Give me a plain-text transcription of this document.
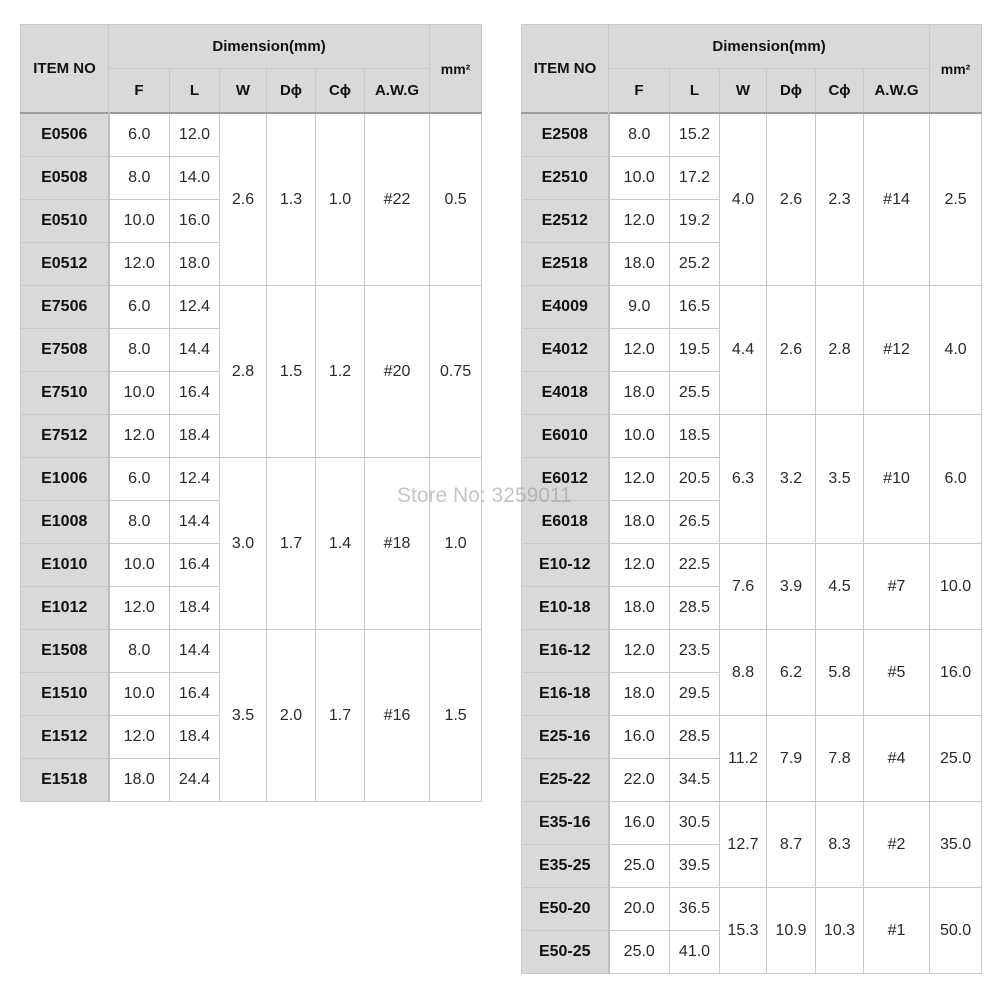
ITEM NO	Dimension(mm)						mm²
	F	L	W	Dϕ	Cϕ	A.W.G	
E0506	6.0	12.0	2.6	1.3	1.0	#22	0.5
E0508	8.0	14.0					
E0510	10.0	16.0					
E0512	12.0	18.0					
E7506	6.0	12.4	2.8	1.5	1.2	#20	0.75
E7508	8.0	14.4					
E7510	10.0	16.4					
E7512	12.0	18.4					
E1006	6.0	12.4	3.0	1.7	1.4	#18	1.0
E1008	8.0	14.4					
E1010	10.0	16.4					
E1012	12.0	18.4					
E1508	8.0	14.4	3.5	2.0	1.7	#16	1.5
E1510	10.0	16.4					
E1512	12.0	18.4					
E1518	18.0	24.4					
ITEM NO	Dimension(mm)						mm²
	F	L	W	Dϕ	Cϕ	A.W.G	
E2508	8.0	15.2	4.0	2.6	2.3	#14	2.5
E2510	10.0	17.2					
E2512	12.0	19.2					
E2518	18.0	25.2					
E4009	9.0	16.5	4.4	2.6	2.8	#12	4.0
E4012	12.0	19.5					
E4018	18.0	25.5					
E6010	10.0	18.5	6.3	3.2	3.5	#10	6.0
E6012	12.0	20.5					
E6018	18.0	26.5					
E10-12	12.0	22.5	7.6	3.9	4.5	#7	10.0
E10-18	18.0	28.5					
E16-12	12.0	23.5	8.8	6.2	5.8	#5	16.0
E16-18	18.0	29.5					
E25-16	16.0	28.5	11.2	7.9	7.8	#4	25.0
E25-22	22.0	34.5					
E35-16	16.0	30.5	12.7	8.7	8.3	#2	35.0
E35-25	25.0	39.5					
E50-20	20.0	36.5	15.3	10.9	10.3	#1	50.0
E50-25	25.0	41.0					
Store No: 3259011
